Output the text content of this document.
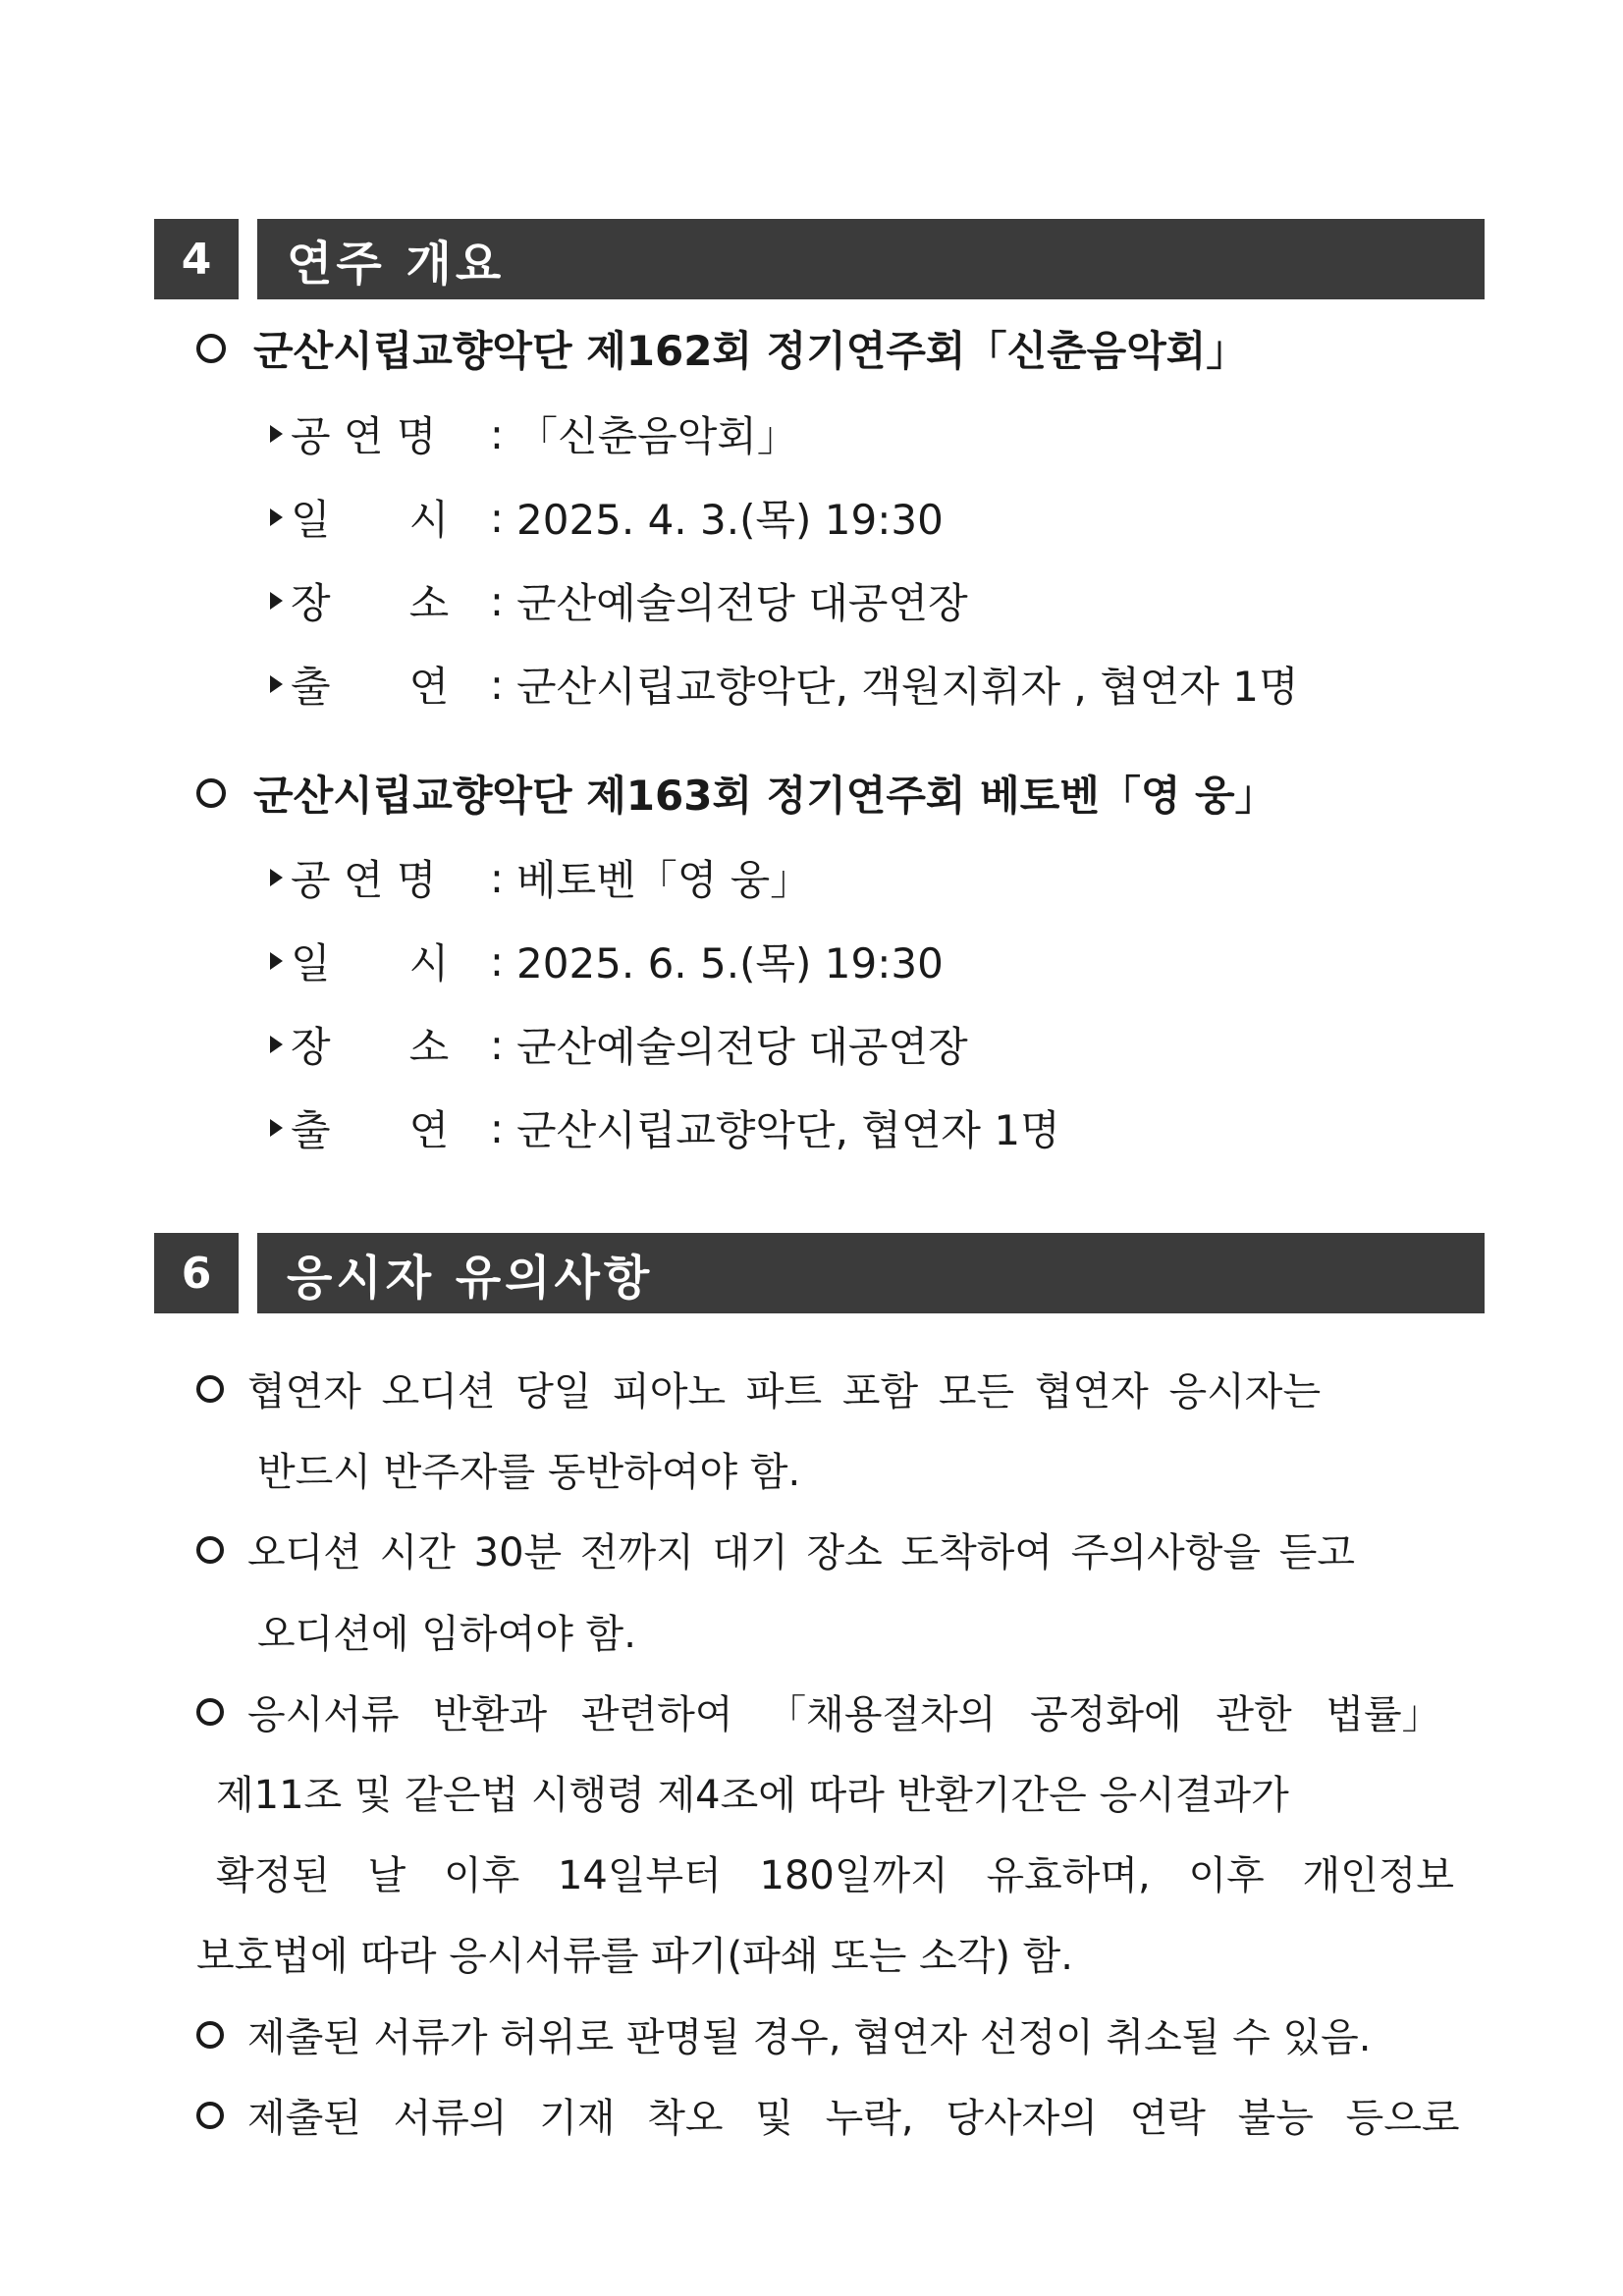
4	연주 개요
군산시립교향악단 제162회 정기연주회「신춘음악회」
공 연 명	: 「신춘음악회」
일      시 : 2025. 4. 3.(목) 19:30
장      소 : 군산예술의전당 대공연장
출      연 : 군산시립교향악단, 객원지휘자 , 협연자 1명
군산시립교향악단 제163회 정기연주회 베토벤「영 웅」
공 연 명	: 베토벤「영 웅」
일      시 : 2025. 6. 5.(목) 19:30
장      소 : 군산예술의전당 대공연장
출      연 : 군산시립교향악단, 협연자 1명
6	응시자 유의사항
협연자 오디션 당일 피아노 파트 포함 모든 협연자 응시자는
반드시 반주자를 동반하여야 함.
오디션 시간 30분 전까지 대기 장소 도착하여 주의사항을 듣고
오디션에 임하여야 함.
응시서류 반환과 관련하여 「채용절차의 공정화에 관한 법률」
제11조 및 같은법 시행령 제4조에 따라 반환기간은 응시결과가
확정된 날 이후 14일부터 180일까지 유효하며, 이후 개인정보
보호법에 따라 응시서류를 파기(파쇄 또는 소각) 함.
제출된 서류가 허위로 판명될 경우, 협연자 선정이 취소될 수 있음.
제출된 서류의 기재 착오 및 누락, 당사자의 연락 불능 등으로
